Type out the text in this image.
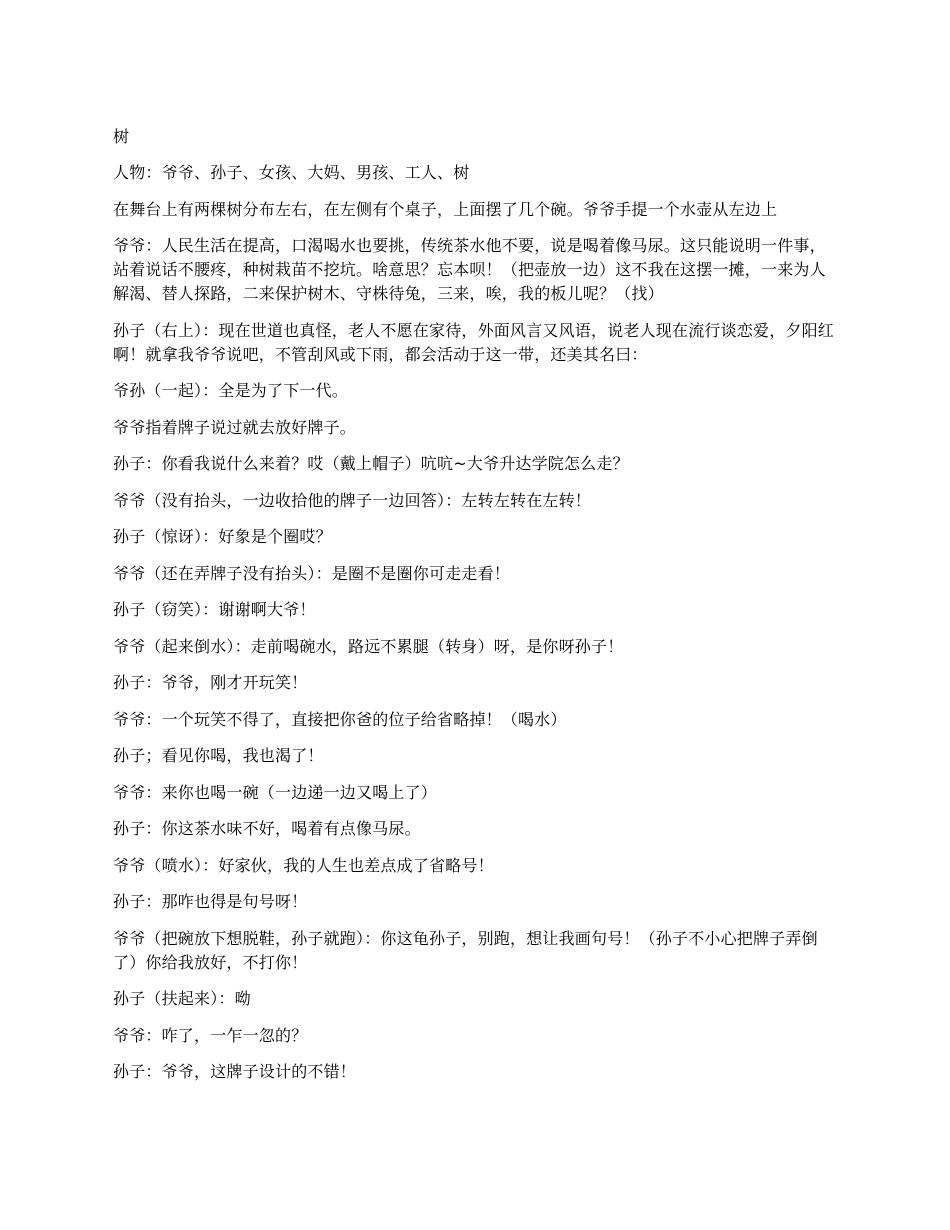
树

人物：爷爷、孙子、女孩、大妈、男孩、工人、树

在舞台上有两棵树分布左右，在左侧有个桌子，上面摆了几个碗。爷爷手提一个水壶从左边上

爷爷：人民生活在提高，口渴喝水也要挑，传统茶水他不要，说是喝着像马尿。这只能说明一件事，站着说话不腰疼，种树栽苗不挖坑。啥意思？忘本呗！（把壶放一边）这不我在这摆一摊，一来为人解渴、替人探路，二来保护树木、守株待兔，三来，唉，我的板儿呢？（找）

孙子（右上）：现在世道也真怪，老人不愿在家待，外面风言又风语，说老人现在流行谈恋爱，夕阳红啊！就拿我爷爷说吧，不管刮风或下雨，都会活动于这一带，还美其名曰：

爷孙（一起）：全是为了下一代。

爷爷指着牌子说过就去放好牌子。

孙子：你看我说什么来着？哎（戴上帽子）吭吭~大爷升达学院怎么走？

爷爷（没有抬头，一边收拾他的牌子一边回答）：左转左转在左转！

孙子（惊讶）：好象是个圈哎？

爷爷（还在弄牌子没有抬头）：是圈不是圈你可走走看！

孙子（窃笑）：谢谢啊大爷！

爷爷（起来倒水）：走前喝碗水，路远不累腿（转身）呀，是你呀孙子！

孙子：爷爷，刚才开玩笑！

爷爷：一个玩笑不得了，直接把你爸的位子给省略掉！（喝水）

孙子；看见你喝，我也渴了！

爷爷：来你也喝一碗（一边递一边又喝上了）

孙子：你这茶水味不好，喝着有点像马尿。

爷爷（喷水）：好家伙，我的人生也差点成了省略号！

孙子：那咋也得是句号呀！

爷爷（把碗放下想脱鞋，孙子就跑）：你这龟孙子，别跑，想让我画句号！（孙子不小心把牌子弄倒了）你给我放好，不打你！

孙子（扶起来）：呦

爷爷：咋了，一乍一忽的？

孙子：爷爷，这牌子设计的不错！
